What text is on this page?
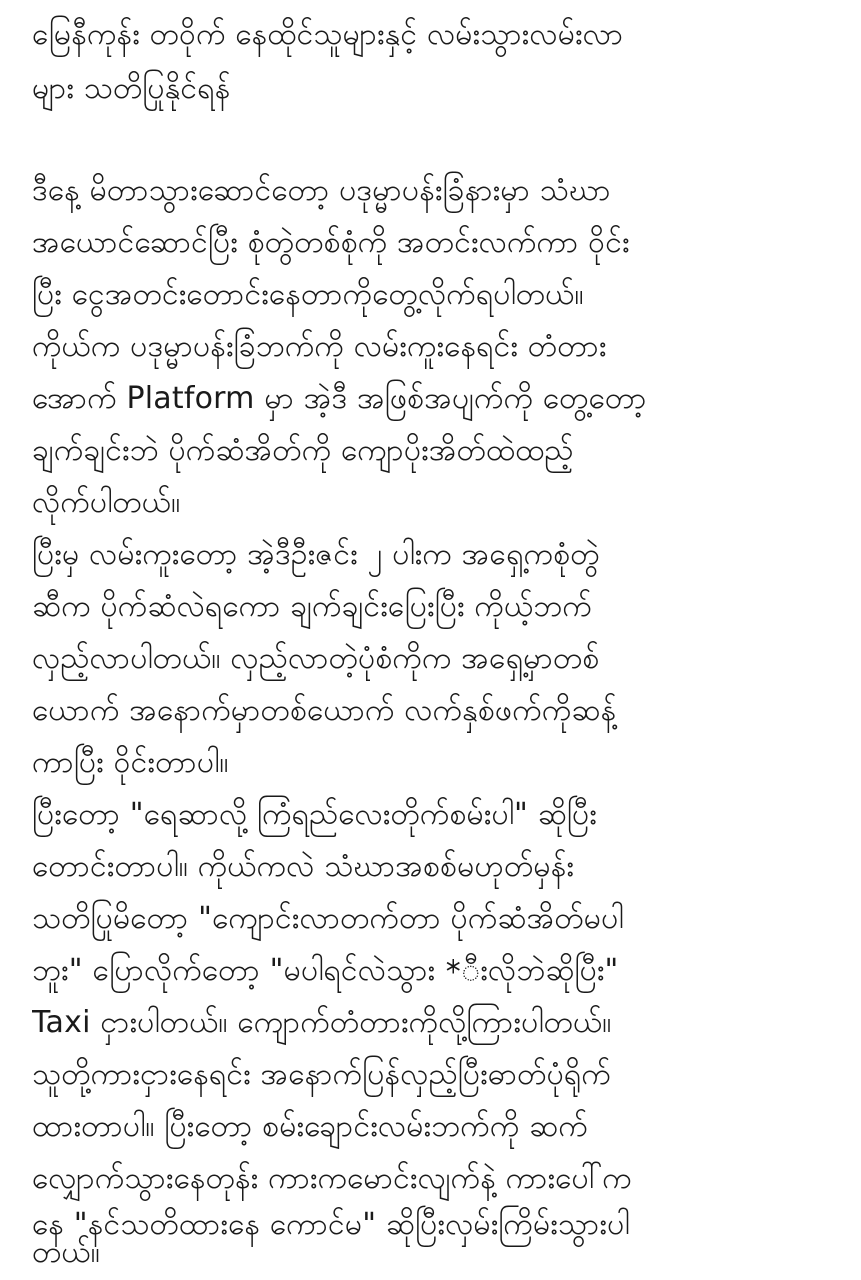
မြေနီကုန်း တဝိုက် နေထိုင်သူများနှင့် လမ်းသွားလမ်းလာ
များ သတိပြုနိုင်ရန်
ဒီနေ့ မိတာသွားဆောင်တော့ ပဒုမ္မာပန်းခြံနားမှာ သံဃာ
အယောင်ဆောင်ပြီး စုံတွဲတစ်စုံကို အတင်းလက်ကာ ဝိုင်း
ပြီး ငွေအတင်းတောင်းနေတာကိုတွေ့လိုက်ရပါတယ်။
ကိုယ်က ပဒုမ္မာပန်းခြံဘက်ကို လမ်းကူးနေရင်း တံတား
အောက် Platform မှာ အဲ့ဒီ အဖြစ်အပျက်ကို တွေ့တော့
ချက်ချင်းဘဲ ပိုက်ဆံအိတ်ကို ကျောပိုးအိတ်ထဲထည့်
လိုက်ပါတယ်။
ပြီးမှ လမ်းကူးတော့ အဲ့ဒီဦးဇင်း ၂ ပါးက အရှေ့ကစုံတွဲ
ဆီက ပိုက်ဆံလဲရကော ချက်ချင်းပြေးပြီး ကိုယ့်ဘက်
လှည့်လာပါတယ်။ လှည့်လာတဲ့ပုံစံကိုက အရှေ့မှာတစ်
ယောက် အနောက်မှာတစ်ယောက် လက်နှစ်ဖက်ကိုဆန့်
ကာပြီး ဝိုင်းတာပါ။
ပြီးတော့ "ရေဆာလို့ ကြံရည်လေးတိုက်စမ်းပါ" ဆိုပြီး
တောင်းတာပါ။ ကိုယ်ကလဲ သံဃာအစစ်မဟုတ်မှန်း
သတိပြုမိတော့ "ကျောင်းလာတက်တာ ပိုက်ဆံအိတ်မပါ
ဘူး" ပြောလိုက်တော့ "မပါရင်လဲသွား *ီးလိုဘဲဆိုပြီး"
Taxi ငှားပါတယ်။ ကျောက်တံတားကိုလို့ကြားပါတယ်။
သူတို့ကားငှားနေရင်း အနောက်ပြန်လှည့်ပြီးဓာတ်ပုံရိုက်
ထားတာပါ။ ပြီးတော့ စမ်းချောင်းလမ်းဘက်ကို ဆက်
လျှောက်သွားနေတုန်း ကားကမောင်းလျက်နဲ့ ကားပေါ်က
နေ "နင်သတိထားနေ ကောင်မ" ဆိုပြီးလှမ်းကြိမ်းသွားပါ
တယ်။
